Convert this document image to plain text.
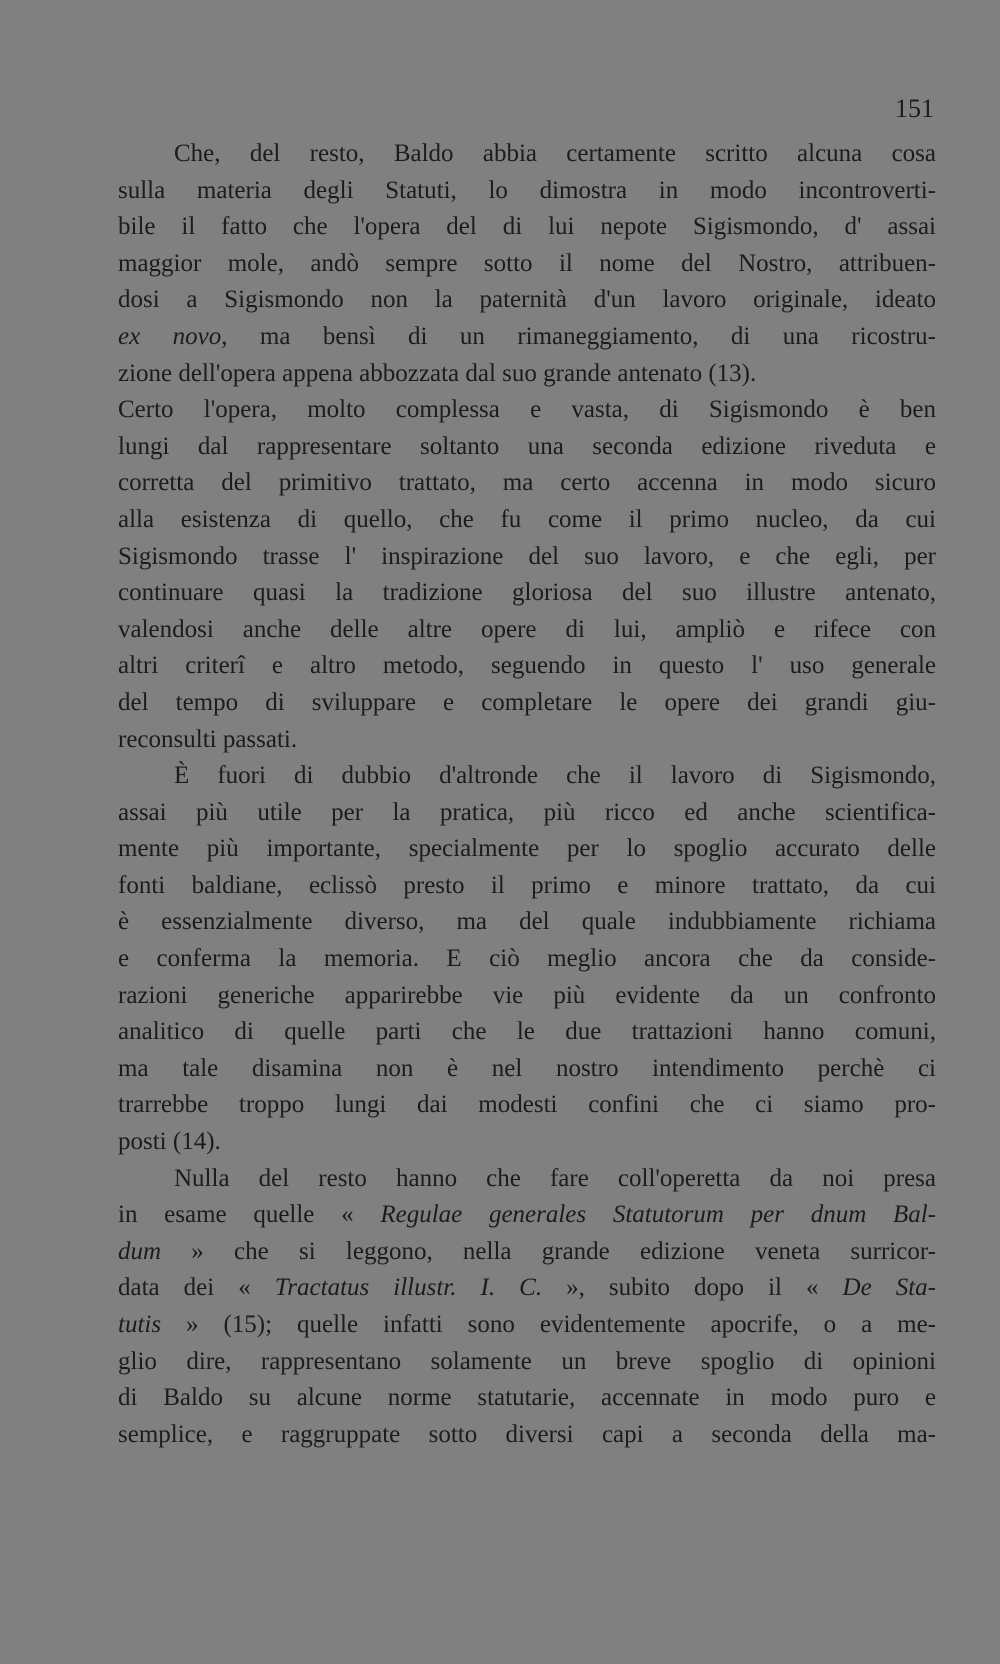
151
Che, del resto, Baldo abbia certamente scritto alcuna cosa
sulla materia degli Statuti, lo dimostra in modo incontroverti-
bile il fatto che l'opera del di lui nepote Sigismondo, d' assai
maggior mole, andò sempre sotto il nome del Nostro, attribuen-
dosi a Sigismondo non la paternità d'un lavoro originale, ideato
ex novo, ma bensì di un rimaneggiamento, di una ricostru-
zione dell'opera appena abbozzata dal suo grande antenato (13).
Certo l'opera, molto complessa e vasta, di Sigismondo è ben
lungi dal rappresentare soltanto una seconda edizione riveduta e
corretta del primitivo trattato, ma certo accenna in modo sicuro
alla esistenza di quello, che fu come il primo nucleo, da cui
Sigismondo trasse l' inspirazione del suo lavoro, e che egli, per
continuare quasi la tradizione gloriosa del suo illustre antenato,
valendosi anche delle altre opere di lui, ampliò e rifece con
altri criterî e altro metodo, seguendo in questo l' uso generale
del tempo di sviluppare e completare le opere dei grandi giu-
reconsulti passati.
È fuori di dubbio d'altronde che il lavoro di Sigismondo,
assai più utile per la pratica, più ricco ed anche scientifica-
mente più importante, specialmente per lo spoglio accurato delle
fonti baldiane, eclissò presto il primo e minore trattato, da cui
è essenzialmente diverso, ma del quale indubbiamente richiama
e conferma la memoria. E ciò meglio ancora che da conside-
razioni generiche apparirebbe vie più evidente da un confronto
analitico di quelle parti che le due trattazioni hanno comuni,
ma tale disamina non è nel nostro intendimento perchè ci
trarrebbe troppo lungi dai modesti confini che ci siamo pro-
posti (14).
Nulla del resto hanno che fare coll'operetta da noi presa
in esame quelle « Regulae generales Statutorum per dnum Bal-
dum » che si leggono, nella grande edizione veneta surricor-
data dei « Tractatus illustr. I. C. », subito dopo il « De Sta-
tutis » (15); quelle infatti sono evidentemente apocrife, o a me-
glio dire, rappresentano solamente un breve spoglio di opinioni
di Baldo su alcune norme statutarie, accennate in modo puro e
semplice, e raggruppate sotto diversi capi a seconda della ma-
